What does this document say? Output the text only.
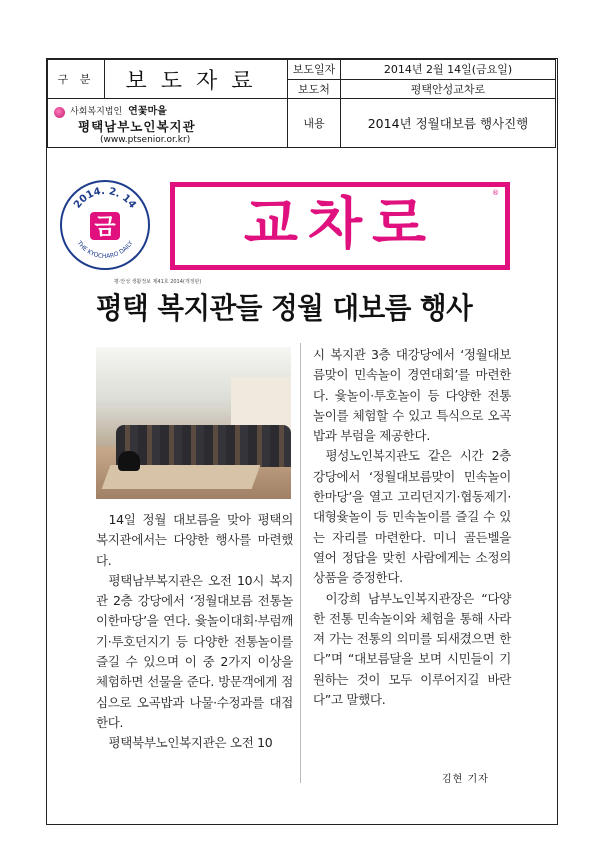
구 분	보도자료	보도일자	2014년 2월 14일(금요일)
		보도처	평택안성교차로

사회복지법인 연꽃마을
평택남부노인복지관
(www.ptsenior.or.kr)		내용	2014년 정월대보름 행사진행
2014. 2. 14
THE KYOCHARO DAILY
금	교차로	®
평·안성 생활정보 제41호 2014(개정판)
평택 복지관들 정월 대보름 행사

14일 정월 대보름을 맞아 평택의 복지관에서는 다양한 행사를 마련했다.

평택남부복지관은 오전 10시 복지관 2층 강당에서 ‘정월대보름 전통놀이한마당’을 연다. 윷놀이대회·부럼깨기·투호던지기 등 다양한 전통놀이를 즐길 수 있으며 이 중 2가지 이상을 체험하면 선물을 준다. 방문객에게 점심으로 오곡밥과 나물·수정과를 대접한다.

평택북부노인복지관은 오전 10

시 복지관 3층 대강당에서 ‘정월대보름맞이 민속놀이 경연대회’를 마련한다. 윷놀이·투호놀이 등 다양한 전통놀이를 체험할 수 있고 특식으로 오곡밥과 부럼을 제공한다.

평성노인복지관도 같은 시간 2층 강당에서 ‘정월대보름맞이 민속놀이 한마당’을 열고 고리던지기·협동제기·대형윷놀이 등 민속놀이를 즐길 수 있는 자리를 마련한다. 미니 골든벨을 열어 정답을 맞힌 사람에게는 소정의 상품을 증정한다.

이강희 남부노인복지관장은 “다양한 전통 민속놀이와 체험을 통해 사라져 가는 전통의 의미를 되새겼으면 한다”며 “대보름달을 보며 시민들이 기원하는 것이 모두 이루어지길 바란다”고 말했다.

김현 기자
